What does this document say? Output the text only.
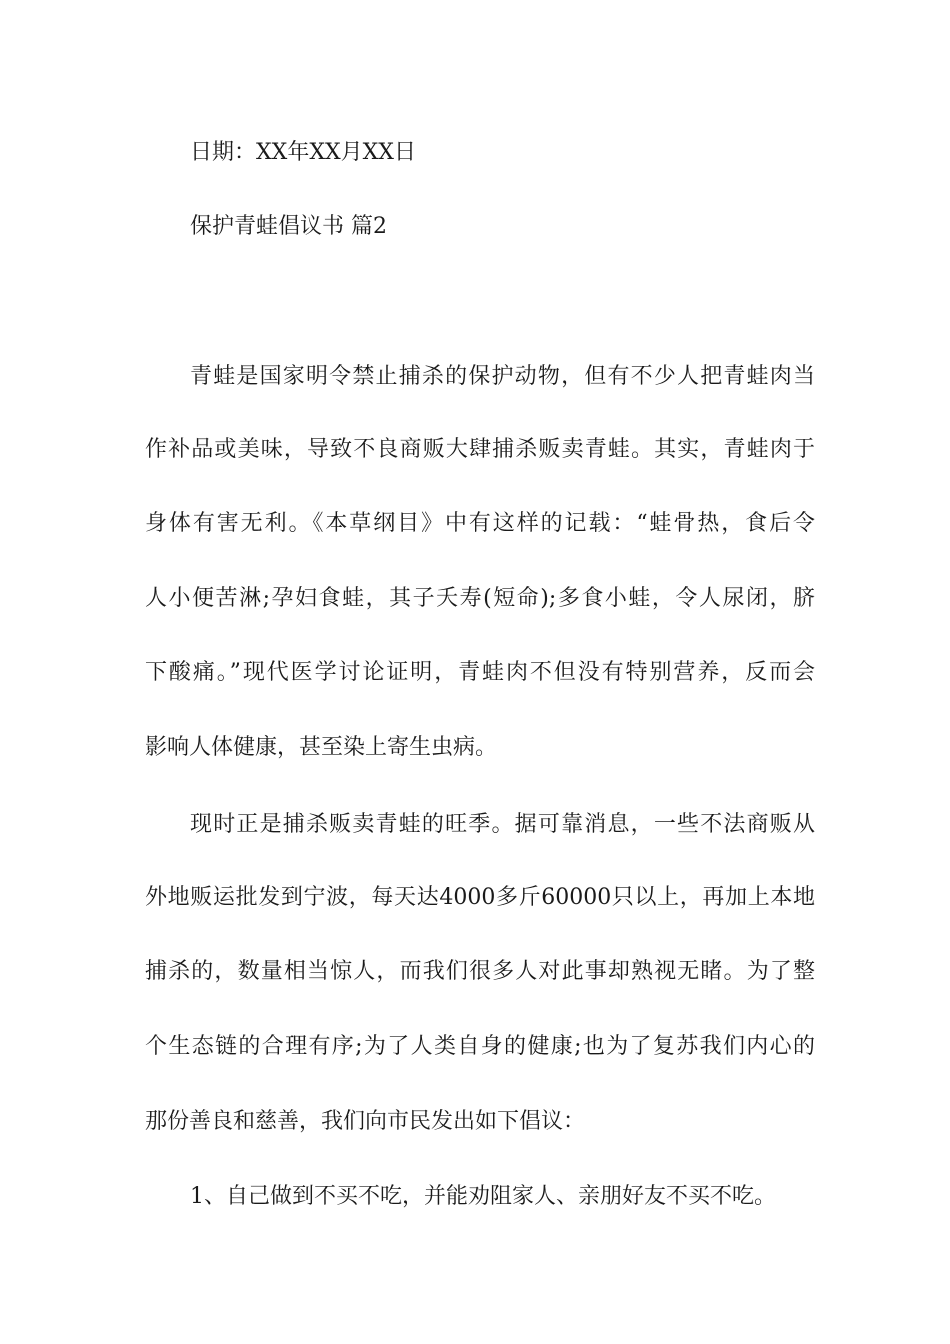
日期：XX年XX月XX日
保护青蛙倡议书 篇2
青蛙是国家明令禁止捕杀的保护动物，但有不少人把青蛙肉当
作补品或美味，导致不良商贩大肆捕杀贩卖青蛙。其实，青蛙肉于
身体有害无利。《本草纲目》中有这样的记载：“蛙骨热，食后令
人小便苦淋;孕妇食蛙，其子夭寿(短命);多食小蛙，令人尿闭，脐
下酸痛。”现代医学讨论证明，青蛙肉不但没有特别营养，反而会
影响人体健康，甚至染上寄生虫病。
现时正是捕杀贩卖青蛙的旺季。据可靠消息，一些不法商贩从
外地贩运批发到宁波，每天达4000多斤60000只以上，再加上本地
捕杀的，数量相当惊人，而我们很多人对此事却熟视无睹。为了整
个生态链的合理有序;为了人类自身的健康;也为了复苏我们内心的
那份善良和慈善，我们向市民发出如下倡议：
1、自己做到不买不吃，并能劝阻家人、亲朋好友不买不吃。
